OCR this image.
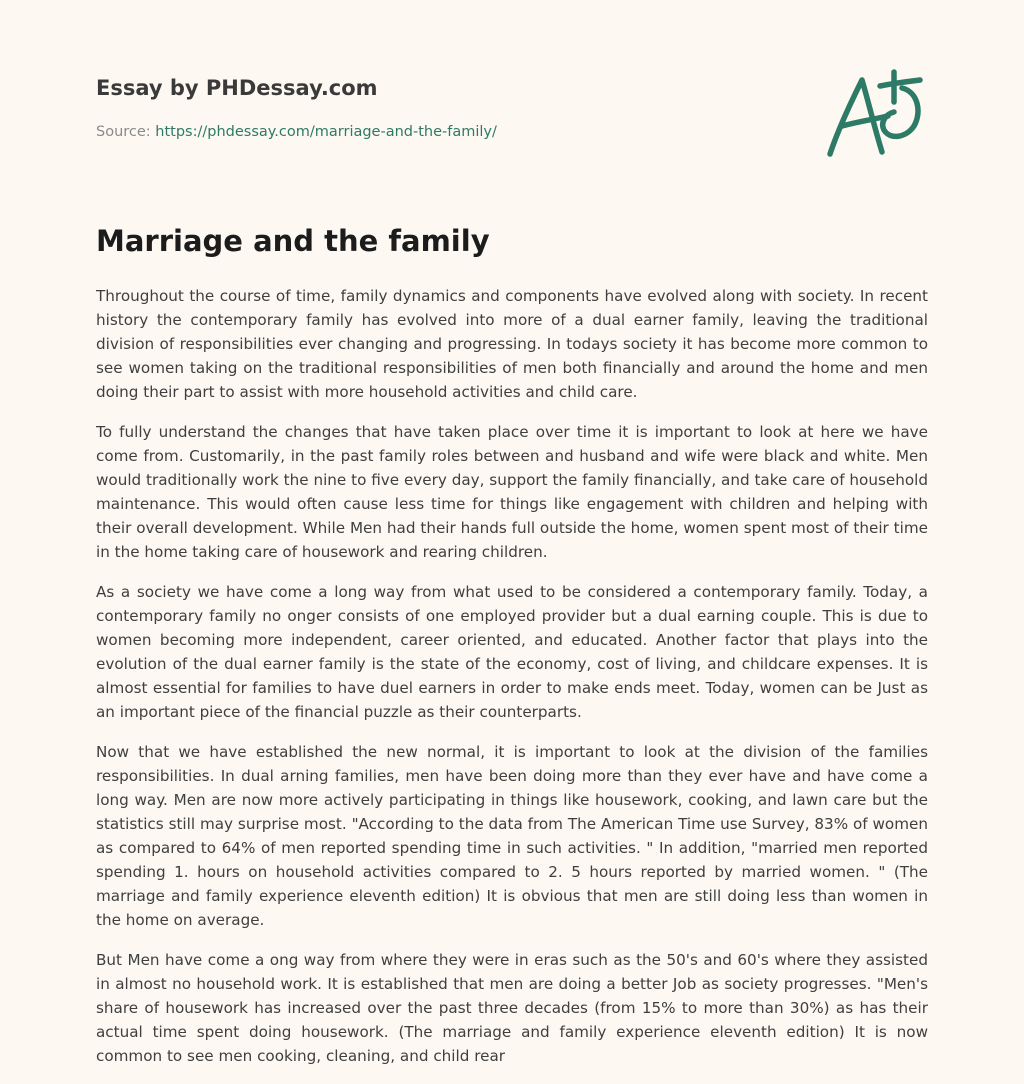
Essay by PHDessay.com
Source: https://phdessay.com/marriage-and-the-family/
Marriage and the family

Throughout the course of time, family dynamics and components have evolved along with society. In recent history the contemporary family has evolved into more of a dual earner family, leaving the traditional division of responsibilities ever changing and progressing. In todays society it has become more common to see women taking on the traditional responsibilities of men both financially and around the home and men doing their part to assist with more household activities and child care.

To fully understand the changes that have taken place over time it is important to look at here we have come from. Customarily, in the past family roles between and husband and wife were black and white. Men would traditionally work the nine to five every day, support the family financially, and take care of household maintenance. This would often cause less time for things like engagement with children and helping with their overall development. While Men had their hands full outside the home, women spent most of their time in the home taking care of housework and rearing children.

As a society we have come a long way from what used to be considered a contemporary family. Today, a contemporary family no onger consists of one employed provider but a dual earning couple. This is due to women becoming more independent, career oriented, and educated. Another factor that plays into the evolution of the dual earner family is the state of the economy, cost of living, and childcare expenses. It is almost essential for families to have duel earners in order to make ends meet. Today, women can be Just as an important piece of the financial puzzle as their counterparts.

Now that we have established the new normal, it is important to look at the division of the families responsibilities. In dual arning families, men have been doing more than they ever have and have come a long way. Men are now more actively participating in things like housework, cooking, and lawn care but the statistics still may surprise most. "According to the data from The American Time use Survey, 83% of women as compared to 64% of men reported spending time in such activities. " In addition, "married men reported spending 1. hours on household activities compared to 2. 5 hours reported by married women. " (The marriage and family experience eleventh edition) It is obvious that men are still doing less than women in the home on average.

But Men have come a ong way from where they were in eras such as the 50's and 60's where they assisted in almost no household work. It is established that men are doing a better Job as society progresses. "Men's share of housework has increased over the past three decades (from 15% to more than 30%) as has their actual time spent doing housework. (The marriage and family experience eleventh edition) It is now common to see men cooking, cleaning, and child rear
